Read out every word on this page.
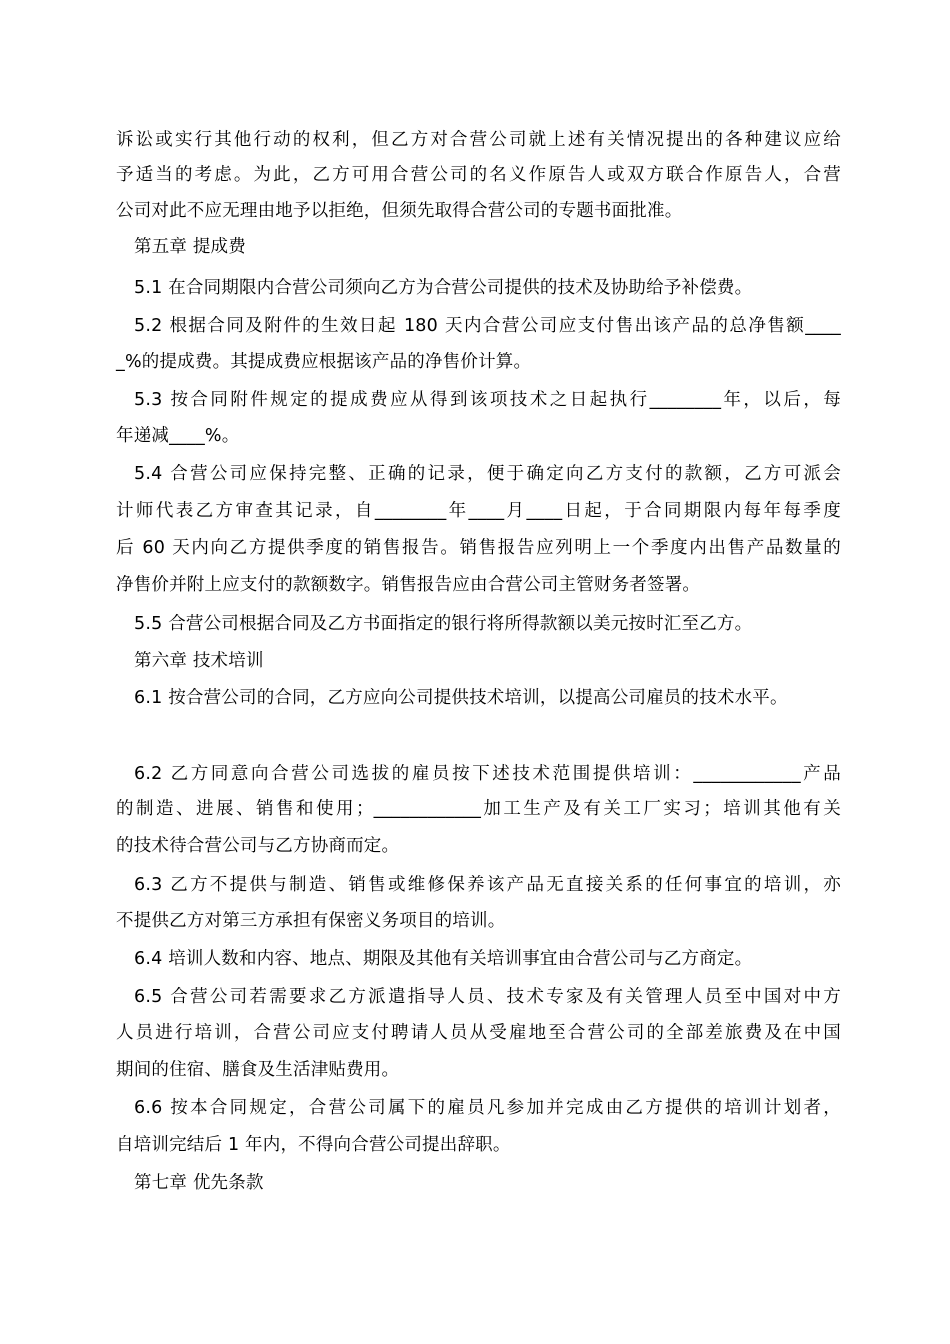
诉讼或实行其他行动的权利，但乙方对合营公司就上述有关情况提出的各种建议应给
予适当的考虑。为此，乙方可用合营公司的名义作原告人或双方联合作原告人，合营
公司对此不应无理由地予以拒绝，但须先取得合营公司的专题书面批准。
第五章 提成费
5.1 在合同期限内合营公司须向乙方为合营公司提供的技术及协助给予补偿费。
5.2 根据合同及附件的生效日起 180 天内合营公司应支付售出该产品的总净售额____
_%的提成费。其提成费应根据该产品的净售价计算。
5.3 按合同附件规定的提成费应从得到该项技术之日起执行________年，以后，每
年递减____%。
5.4 合营公司应保持完整、正确的记录，便于确定向乙方支付的款额，乙方可派会
计师代表乙方审查其记录，自________年____月____日起，于合同期限内每年每季度
后 60 天内向乙方提供季度的销售报告。销售报告应列明上一个季度内出售产品数量的
净售价并附上应支付的款额数字。销售报告应由合营公司主管财务者签署。
5.5 合营公司根据合同及乙方书面指定的银行将所得款额以美元按时汇至乙方。
第六章 技术培训
6.1 按合营公司的合同，乙方应向公司提供技术培训，以提高公司雇员的技术水平。
6.2 乙方同意向合营公司选拔的雇员按下述技术范围提供培训：____________产品
的制造、进展、销售和使用；____________加工生产及有关工厂实习；培训其他有关
的技术待合营公司与乙方协商而定。
6.3 乙方不提供与制造、销售或维修保养该产品无直接关系的任何事宜的培训，亦
不提供乙方对第三方承担有保密义务项目的培训。
6.4 培训人数和内容、地点、期限及其他有关培训事宜由合营公司与乙方商定。
6.5 合营公司若需要求乙方派遣指导人员、技术专家及有关管理人员至中国对中方
人员进行培训，合营公司应支付聘请人员从受雇地至合营公司的全部差旅费及在中国
期间的住宿、膳食及生活津贴费用。
6.6 按本合同规定，合营公司属下的雇员凡参加并完成由乙方提供的培训计划者，
自培训完结后 1 年内，不得向合营公司提出辞职。
第七章 优先条款
